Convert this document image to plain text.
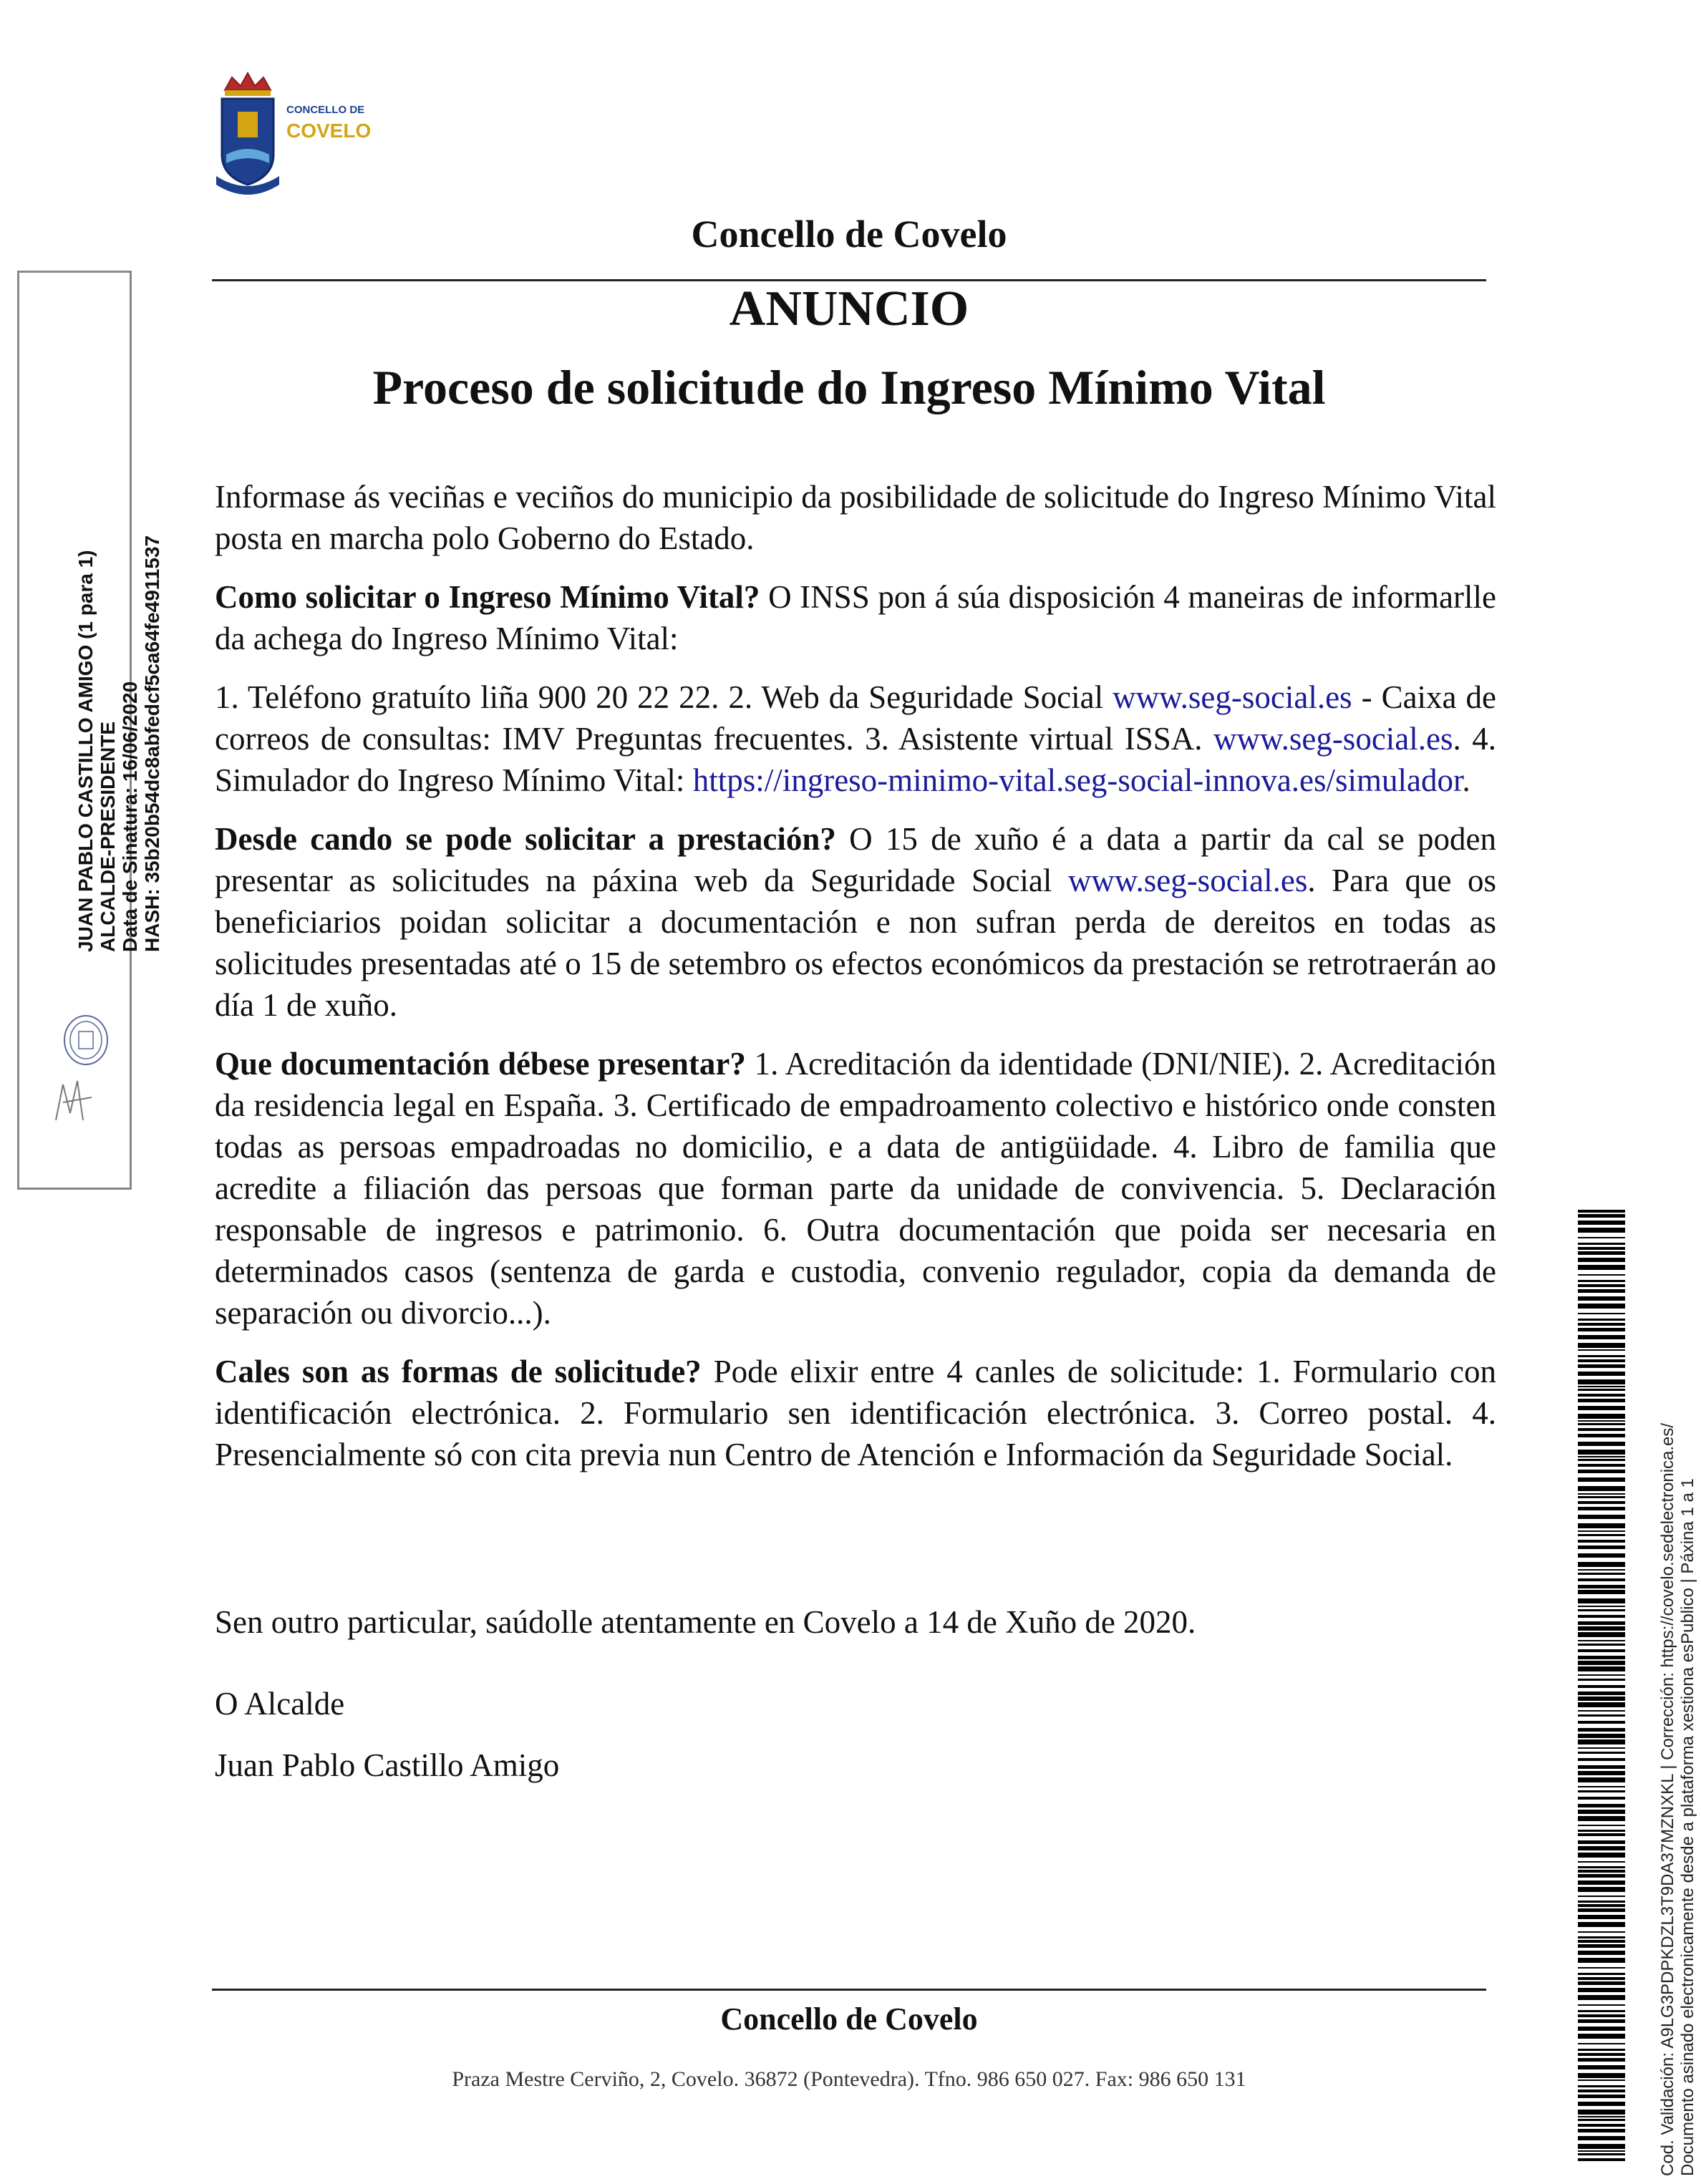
CONCELLO DE
COVELO
Concello de Covelo
ANUNCIO
Proceso de solicitude do Ingreso Mínimo Vital

Informase ás veciñas e veciños do municipio da posibilidade de solicitude do Ingreso Mínimo Vital posta en marcha polo Goberno do Estado.

Como solicitar o Ingreso Mínimo Vital? O INSS pon á súa disposición 4 maneiras de informarlle da achega do Ingreso Mínimo Vital:

1. Teléfono gratuíto liña 900 20 22 22. 2. Web da Seguridade Social www.seg-social.es - Caixa de correos de consultas: IMV Preguntas frecuentes. 3. Asistente virtual ISSA. www.seg-social.es. 4. Simulador do Ingreso Mínimo Vital: https://ingreso-minimo-vital.seg-social-innova.es/simulador.

Desde cando se pode solicitar a prestación? O 15 de xuño é a data a partir da cal se poden presentar as solicitudes na páxina web da Seguridade Social www.seg-social.es. Para que os beneficiarios poidan solicitar a documentación e non sufran perda de dereitos en todas as solicitudes presentadas até o 15 de setembro os efectos económicos da prestación se retrotraerán ao día 1 de xuño.

Que documentación débese presentar? 1. Acreditación da identidade (DNI/NIE). 2. Acreditación da residencia legal en España. 3. Certificado de empadroamento colectivo e histórico onde consten todas as persoas empadroadas no domicilio, e a data de antigüidade. 4. Libro de familia que acredite a filiación das persoas que forman parte da unidade de convivencia. 5. Declaración responsable de ingresos e patrimonio. 6. Outra documentación que poida ser necesaria en determinados casos (sentenza de garda e custodia, convenio regulador, copia da demanda de separación ou divorcio...).

Cales son as formas de solicitude? Pode elixir entre 4 canles de solicitude: 1. Formulario con identificación electrónica. 2. Formulario sen identificación electrónica. 3. Correo postal. 4. Presencialmente só con cita previa nun Centro de Atención e Información da Seguridade Social.

Sen outro particular, saúdolle atentamente en Covelo a 14 de Xuño de 2020.
O Alcalde
Juan Pablo Castillo Amigo
Concello de Covelo
Praza Mestre Cerviño, 2, Covelo. 36872 (Pontevedra). Tfno. 986 650 027. Fax: 986 650 131
JUAN PABLO CASTILLO AMIGO (1 para 1) ALCALDE-PRESIDENTE Data de Sinatura: 16/06/2020 HASH: 35b20b54dc8abfedcf5ca64fe4911537
Cod. Validación: A9LG3PDPKDZL3T9DA37MZNXKL | Corrección: https://covelo.sedelectronica.es/ Documento asinado electronicamente desde a plataforma xestiona esPublico | Páxina 1 a 1
